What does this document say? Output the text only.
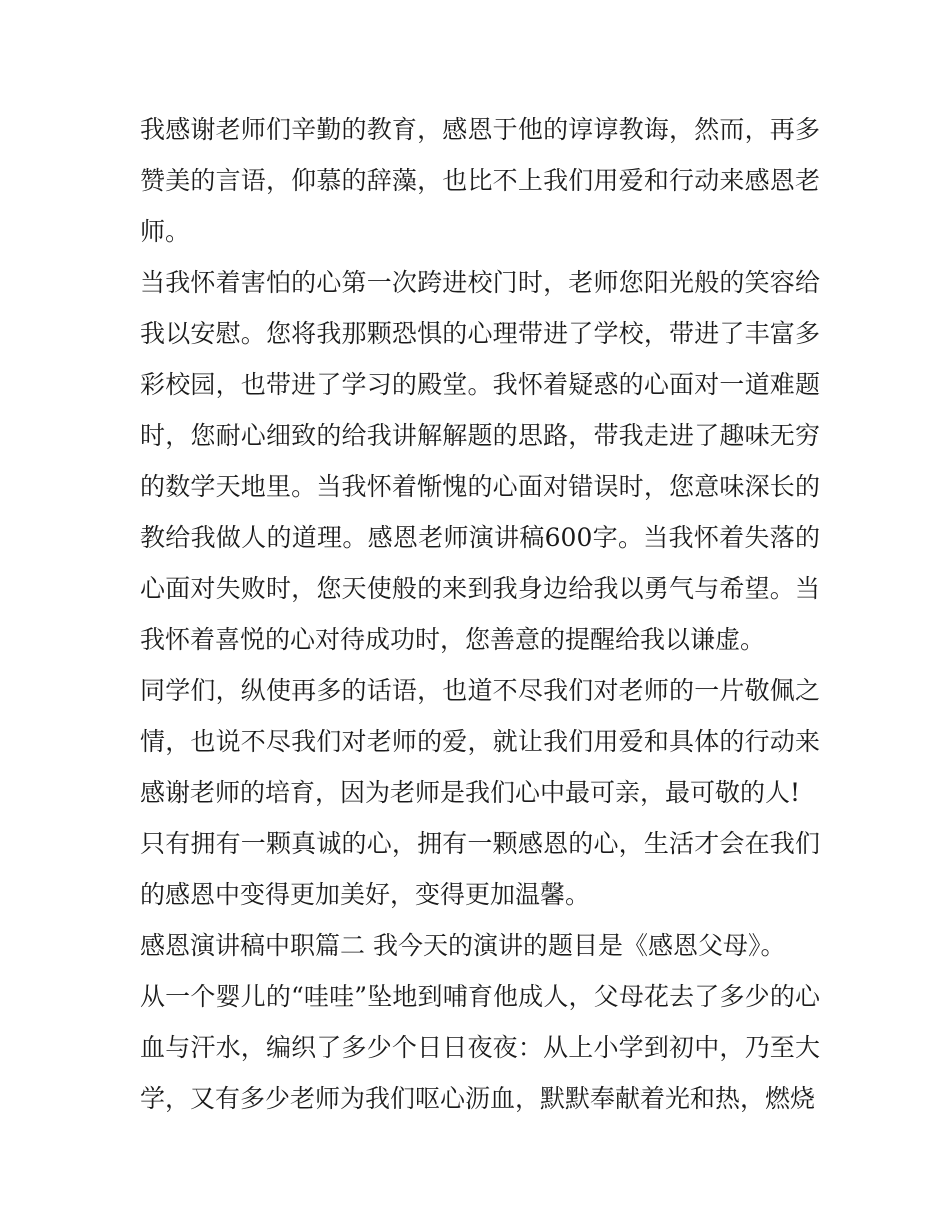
我感谢老师们辛勤的教育，感恩于他的谆谆教诲，然而，再多赞美的言语，仰慕的辞藻，也比不上我们用爱和行动来感恩老师。

当我怀着害怕的心第一次跨进校门时，老师您阳光般的笑容给我以安慰。您将我那颗恐惧的心理带进了学校，带进了丰富多彩校园，也带进了学习的殿堂。我怀着疑惑的心面对一道难题时，您耐心细致的给我讲解解题的思路，带我走进了趣味无穷的数学天地里。当我怀着惭愧的心面对错误时，您意味深长的教给我做人的道理。感恩老师演讲稿600字。当我怀着失落的心面对失败时，您天使般的来到我身边给我以勇气与希望。当我怀着喜悦的心对待成功时，您善意的提醒给我以谦虚。

同学们，纵使再多的话语，也道不尽我们对老师的一片敬佩之情，也说不尽我们对老师的爱，就让我们用爱和具体的行动来感谢老师的培育，因为老师是我们心中最可亲，最可敬的人!

只有拥有一颗真诚的心，拥有一颗感恩的心，生活才会在我们的感恩中变得更加美好，变得更加温馨。

感恩演讲稿中职篇二 我今天的演讲的题目是《感恩父母》。

从一个婴儿的“哇哇”坠地到哺育他成人，父母花去了多少的心血与汗水，编织了多少个日日夜夜：从上小学到初中，乃至大学，又有多少老师为我们呕心沥血，默默奉献着光和热，燃烧
